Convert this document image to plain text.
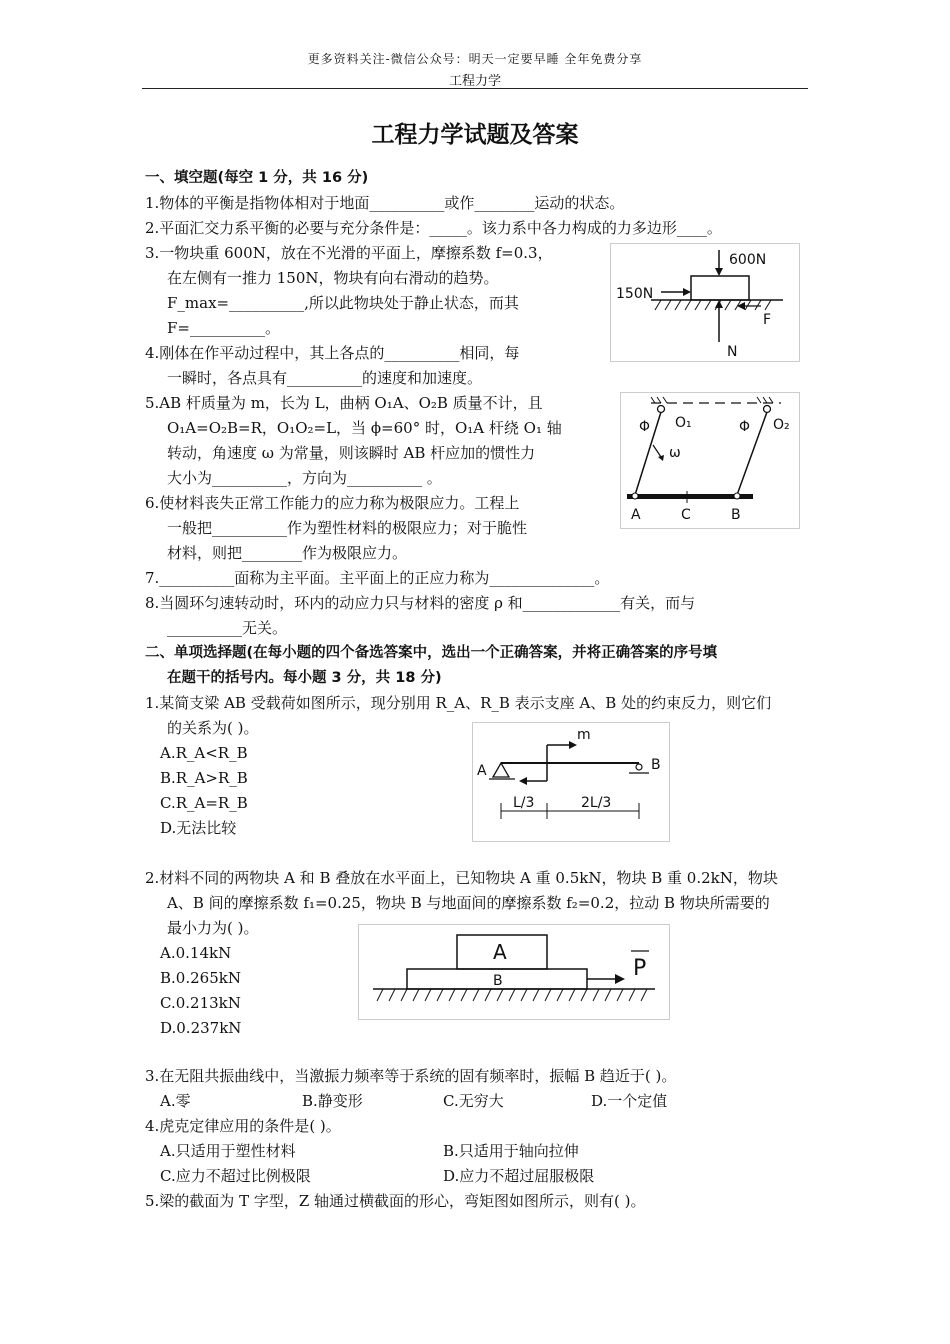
更多资料关注-微信公众号：明天一定要早睡 全年免费分享
工程力学
工程力学试题及答案
一、填空题(每空 1 分，共 16 分)
1.物体的平衡是指物体相对于地面__________或作________运动的状态。
2.平面汇交力系平衡的必要与充分条件是：_____。该力系中各力构成的力多边形____。
3.一物块重 600N，放在不光滑的平面上，摩擦系数 f=0.3，
在左侧有一推力 150N，物块有向右滑动的趋势。
F_max=__________,所以此物块处于静止状态，而其
F=__________。
4.刚体在作平动过程中，其上各点的__________相同，每
一瞬时，各点具有__________的速度和加速度。
5.AB 杆质量为 m，长为 L，曲柄 O₁A、O₂B 质量不计，且
O₁A=O₂B=R，O₁O₂=L，当 ϕ=60° 时，O₁A 杆绕 O₁ 轴
转动，角速度 ω 为常量，则该瞬时 AB 杆应加的惯性力
大小为__________，方向为__________ 。
6.使材料丧失正常工作能力的应力称为极限应力。工程上
一般把__________作为塑性材料的极限应力；对于脆性
材料，则把________作为极限应力。
7.__________面称为主平面。主平面上的正应力称为______________。
8.当圆环匀速转动时，环内的动应力只与材料的密度 ρ 和_____________有关，而与
__________无关。
600N
150N
F
N
Φ O₁	Φ O₂
ω
A	C	B
二、单项选择题(在每小题的四个备选答案中，选出一个正确答案，并将正确答案的序号填
在题干的括号内。每小题 3 分，共 18 分)
1.某简支梁 AB 受载荷如图所示，现分别用 R_A、R_B 表示支座 A、B 处的约束反力，则它们
的关系为( )。
A.R_A<R_B
B.R_A>R_B
C.R_A=R_B
D.无法比较
A	B
m
L/3	2L/3
2.材料不同的两物块 A 和 B 叠放在水平面上，已知物块 A 重 0.5kN，物块 B 重 0.2kN，物块
A、B 间的摩擦系数 f₁=0.25，物块 B 与地面间的摩擦系数 f₂=0.2，拉动 B 物块所需要的
最小力为( )。
A.0.14kN
B.0.265kN
C.0.213kN
D.0.237kN
A
B	P
3.在无阻共振曲线中，当激振力频率等于系统的固有频率时，振幅 B 趋近于( )。
A.零	B.静变形	C.无穷大	D.一个定值
4.虎克定律应用的条件是( )。
A.只适用于塑性材料	B.只适用于轴向拉伸
C.应力不超过比例极限	D.应力不超过屈服极限
5.梁的截面为 T 字型，Z 轴通过横截面的形心，弯矩图如图所示，则有( )。
